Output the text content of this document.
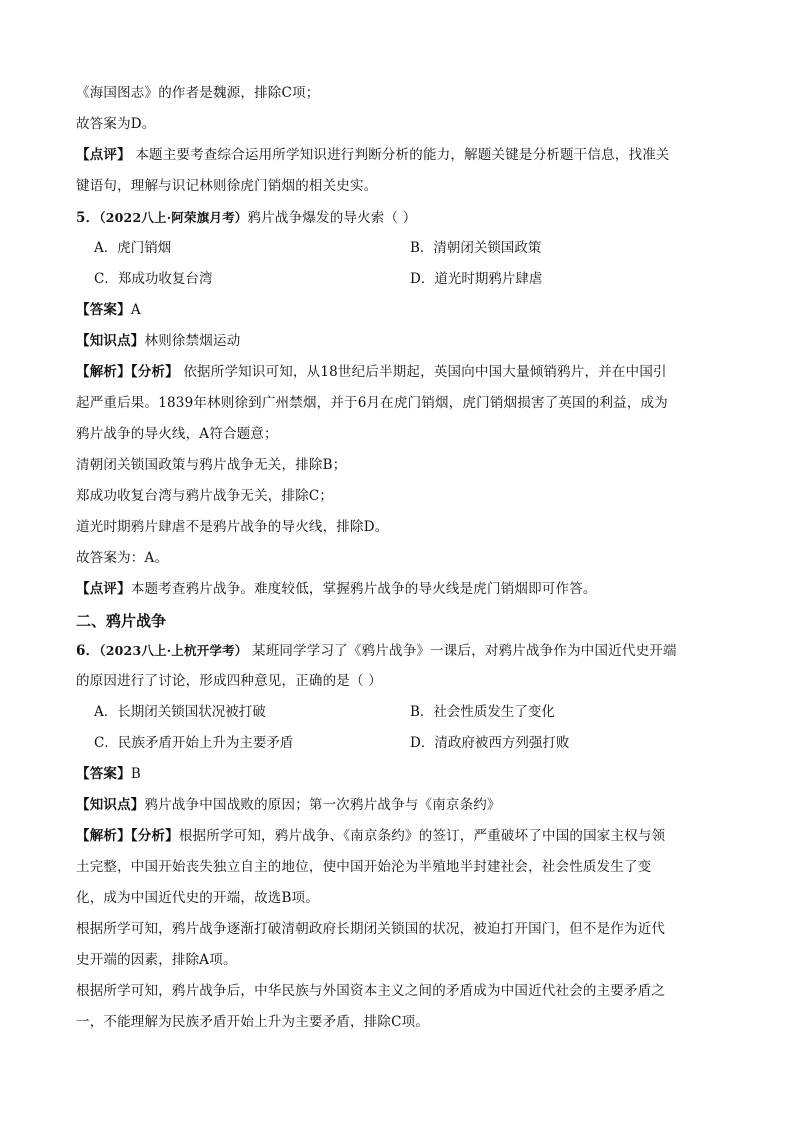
《海国图志》的作者是魏源，排除C项；
故答案为D。
【点评】 本题主要考查综合运用所学知识进行判断分析的能力，解题关键是分析题干信息，找准关
键语句，理解与识记林则徐虎门销烟的相关史实。
5．（2022八上·阿荣旗月考）鸦片战争爆发的导火索（ ）
A．虎门销烟	B．清朝闭关锁国政策
C．郑成功收复台湾	D．道光时期鸦片肆虐
【答案】A
【知识点】林则徐禁烟运动
【解析】【分析】 依据所学知识可知，从18世纪后半期起，英国向中国大量倾销鸦片，并在中国引
起严重后果。1839年林则徐到广州禁烟，并于6月在虎门销烟，虎门销烟损害了英国的利益，成为
鸦片战争的导火线，A符合题意；
清朝闭关锁国政策与鸦片战争无关，排除B；
郑成功收复台湾与鸦片战争无关，排除C；
道光时期鸦片肆虐不是鸦片战争的导火线，排除D。
故答案为：A。
【点评】本题考查鸦片战争。难度较低，掌握鸦片战争的导火线是虎门销烟即可作答。
二、鸦片战争
6．（2023八上·上杭开学考） 某班同学学习了《鸦片战争》一课后，对鸦片战争作为中国近代史开端
的原因进行了讨论，形成四种意见，正确的是（ ）
A．长期闭关锁国状况被打破	B．社会性质发生了变化
C．民族矛盾开始上升为主要矛盾	D．清政府被西方列强打败
【答案】B
【知识点】鸦片战争中国战败的原因；第一次鸦片战争与《南京条约》
【解析】【分析】根据所学可知，鸦片战争、《南京条约》的签订，严重破坏了中国的国家主权与领
土完整，中国开始丧失独立自主的地位，使中国开始沦为半殖地半封建社会，社会性质发生了变
化，成为中国近代史的开端，故选B项。
根据所学可知，鸦片战争逐渐打破清朝政府长期闭关锁国的状况，被迫打开国门，但不是作为近代
史开端的因素，排除A项。
根据所学可知，鸦片战争后，中华民族与外国资本主义之间的矛盾成为中国近代社会的主要矛盾之
一，不能理解为民族矛盾开始上升为主要矛盾，排除C项。
